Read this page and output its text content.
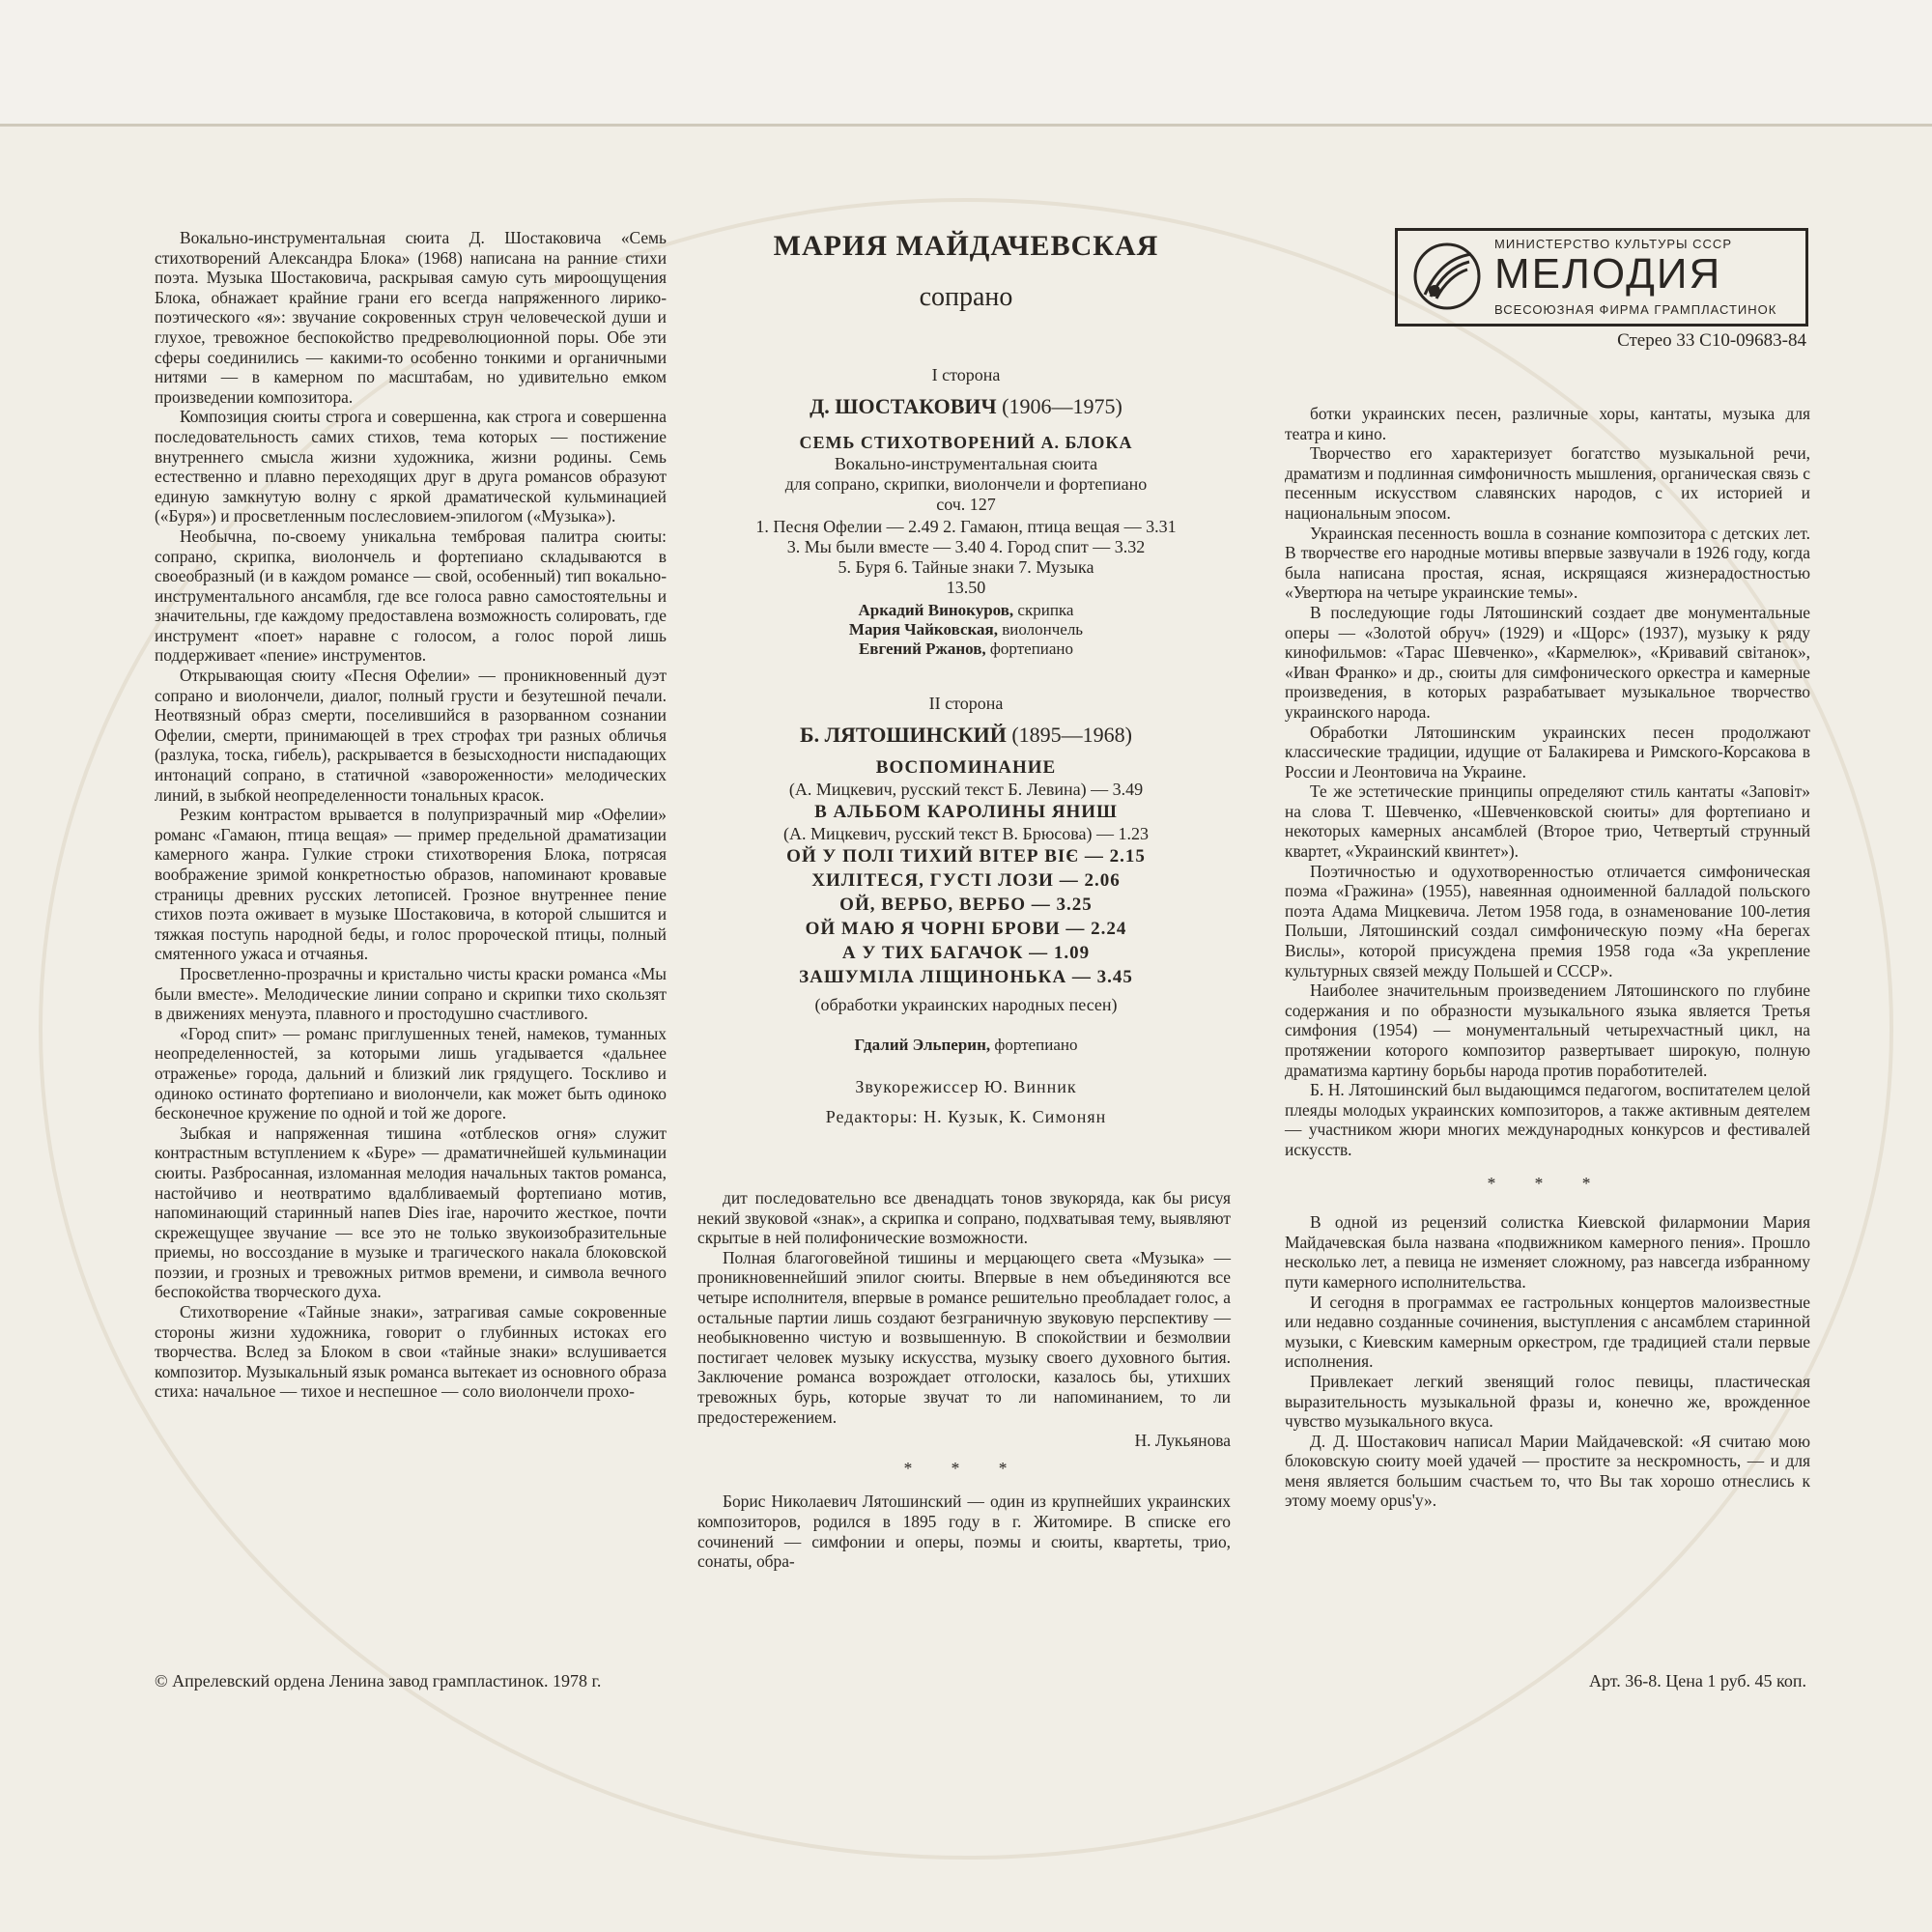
Вокально-инструментальная сюита Д. Шостаковича «Семь стихотворений Александра Блока» (1968) написана на ранние стихи поэта. Музыка Шостаковича, раскрывая самую суть мироощущения Блока, обнажает крайние грани его всегда напряженного лирико-поэтического «я»: звучание сокровенных струн человеческой души и глухое, тревожное беспокойство предреволюционной поры. Обе эти сферы соединились — какими-то особенно тонкими и органичными нитями — в камерном по масштабам, но удивительно емком произведении композитора.

Композиция сюиты строга и совершенна, как строга и совершенна последовательность самих стихов, тема которых — постижение внутреннего смысла жизни художника, жизни родины. Семь естественно и плавно переходящих друг в друга романсов образуют единую замкнутую волну с яркой драматической кульминацией («Буря») и просветленным послесловием-эпилогом («Музыка»).

Необычна, по-своему уникальна тембровая палитра сюиты: сопрано, скрипка, виолончель и фортепиано складываются в своеобразный (и в каждом романсе — свой, особенный) тип вокально-инструментального ансамбля, где все голоса равно самостоятельны и значительны, где каждому предоставлена возможность солировать, где инструмент «поет» наравне с голосом, а голос порой лишь поддерживает «пение» инструментов.

Открывающая сюиту «Песня Офелии» — проникновенный дуэт сопрано и виолончели, диалог, полный грусти и безутешной печали. Неотвязный образ смерти, поселившийся в разорванном сознании Офелии, смерти, принимающей в трех строфах три разных обличья (разлука, тоска, гибель), раскрывается в безысходности ниспадающих интонаций сопрано, в статичной «завороженности» мелодических линий, в зыбкой неопределенности тональных красок.

Резким контрастом врывается в полупризрачный мир «Офелии» романс «Гамаюн, птица вещая» — пример предельной драматизации камерного жанра. Гулкие строки стихотворения Блока, потрясая воображение зримой конкретностью образов, напоминают кровавые страницы древних русских летописей. Грозное внутреннее пение стихов поэта оживает в музыке Шостаковича, в которой слышится и тяжкая поступь народной беды, и голос пророческой птицы, полный смятенного ужаса и отчаянья.

Просветленно-прозрачны и кристально чисты краски романса «Мы были вместе». Мелодические линии сопрано и скрипки тихо скользят в движениях менуэта, плавного и простодушно счастливого.

«Город спит» — романс приглушенных теней, намеков, туманных неопределенностей, за которыми лишь угадывается «дальнее отраженье» города, дальний и близкий лик грядущего. Тоскливо и одиноко остинато фортепиано и виолончели, как может быть одиноко бесконечное кружение по одной и той же дороге.

Зыбкая и напряженная тишина «отблесков огня» служит контрастным вступлением к «Буре» — драматичнейшей кульминации сюиты. Разбросанная, изломанная мелодия начальных тактов романса, настойчиво и неотвратимо вдалбливаемый фортепиано мотив, напоминающий старинный напев Dies irae, нарочито жесткое, почти скрежещущее звучание — все это не только звукоизобразительные приемы, но воссоздание в музыке и трагического накала блоковской поэзии, и грозных и тревожных ритмов времени, и символа вечного беспокойства творческого духа.

Стихотворение «Тайные знаки», затрагивая самые сокровенные стороны жизни художника, говорит о глубинных истоках его творчества. Вслед за Блоком в свои «тайные знаки» вслушивается композитор. Музыкальный язык романса вытекает из основного образа стиха: начальное — тихое и неспешное — соло виолончели прохо-

МАРИЯ МАЙДАЧЕВСКАЯ
сопрано
I сторона
Д. ШОСТАКОВИЧ (1906—1975)
СЕМЬ СТИХОТВОРЕНИЙ А. БЛОКА
Вокально-инструментальная сюита
для сопрано, скрипки, виолончели и фортепиано
соч. 127
1. Песня Офелии — 2.49 2. Гамаюн, птица вещая — 3.31
3. Мы были вместе — 3.40 4. Город спит — 3.32
5. Буря 6. Тайные знаки 7. Музыка
13.50
Аркадий Винокуров, скрипка
Мария Чайковская, виолончель
Евгений Ржанов, фортепиано
II сторона
Б. ЛЯТОШИНСКИЙ (1895—1968)
ВОСПОМИНАНИЕ
(А. Мицкевич, русский текст Б. Левина) — 3.49
В АЛЬБОМ КАРОЛИНЫ ЯНИШ
(А. Мицкевич, русский текст В. Брюсова) — 1.23
ОЙ У ПОЛІ ТИХИЙ ВІТЕР ВІЄ — 2.15
ХИЛІТЕСЯ, ГУСТІ ЛОЗИ — 2.06
ОЙ, ВЕРБО, ВЕРБО — 3.25
ОЙ МАЮ Я ЧОРНІ БРОВИ — 2.24
А У ТИХ БАГАЧОК — 1.09
ЗАШУМІЛА ЛІЩИНОНЬКА — 3.45
(обработки украинских народных песен)
Гдалий Эльперин, фортепиано
Звукорежиссер Ю. Винник
Редакторы: Н. Кузык, К. Симонян

дит последовательно все двенадцать тонов звукоряда, как бы рисуя некий звуковой «знак», а скрипка и сопрано, подхватывая тему, выявляют скрытые в ней полифонические возможности.

Полная благоговейной тишины и мерцающего света «Музыка» — проникновеннейший эпилог сюиты. Впервые в нем объединяются все четыре исполнителя, впервые в романсе решительно преобладает голос, а остальные партии лишь создают безграничную звуковую перспективу — необыкновенно чистую и возвышенную. В спокойствии и безмолвии постигает человек музыку искусства, музыку своего духовного бытия. Заключение романса возрождает отголоски, казалось бы, утихших тревожных бурь, которые звучат то ли напоминанием, то ли предостережением.

Н. Лукьянова
* * *

Борис Николаевич Лятошинский — один из крупнейших украинских композиторов, родился в 1895 году в г. Житомире. В списке его сочинений — симфонии и оперы, поэмы и сюиты, квартеты, трио, сонаты, обра-

МИНИСТЕРСТВО КУЛЬТУРЫ СССР
МЕЛОДИЯ
ВСЕСОЮЗНАЯ ФИРМА ГРАМПЛАСТИНОК
Стерео 33 С10-09683-84

ботки украинских песен, различные хоры, кантаты, музыка для театра и кино.

Творчество его характеризует богатство музыкальной речи, драматизм и подлинная симфоничность мышления, органическая связь с песенным искусством славянских народов, с их историей и национальным эпосом.

Украинская песенность вошла в сознание композитора с детских лет. В творчестве его народные мотивы впервые зазвучали в 1926 году, когда была написана простая, ясная, искрящаяся жизнерадостностью «Увертюра на четыре украинские темы».

В последующие годы Лятошинский создает две монументальные оперы — «Золотой обруч» (1929) и «Щорс» (1937), музыку к ряду кинофильмов: «Тарас Шевченко», «Кармелюк», «Кривавий світанок», «Иван Франко» и др., сюиты для симфонического оркестра и камерные произведения, в которых разрабатывает музыкальное творчество украинского народа.

Обработки Лятошинским украинских песен продолжают классические традиции, идущие от Балакирева и Римского-Корсакова в России и Леонтовича на Украине.

Те же эстетические принципы определяют стиль кантаты «Заповіт» на слова Т. Шевченко, «Шевченковской сюиты» для фортепиано и некоторых камерных ансамблей (Второе трио, Четвертый струнный квартет, «Украинский квинтет»).

Поэтичностью и одухотворенностью отличается симфоническая поэма «Гражина» (1955), навеянная одноименной балладой польского поэта Адама Мицкевича. Летом 1958 года, в ознаменование 100-летия Польши, Лятошинский создал симфоническую поэму «На берегах Вислы», которой присуждена премия 1958 года «За укрепление культурных связей между Польшей и СССР».

Наиболее значительным произведением Лятошинского по глубине содержания и по образности музыкального языка является Третья симфония (1954) — монументальный четырехчастный цикл, на протяжении которого композитор развертывает широкую, полную драматизма картину борьбы народа против поработителей.

Б. Н. Лятошинский был выдающимся педагогом, воспитателем целой плеяды молодых украинских композиторов, а также активным деятелем — участником жюри многих международных конкурсов и фестивалей искусств.

* * *

В одной из рецензий солистка Киевской филармонии Мария Майдачевская была названа «подвижником камерного пения». Прошло несколько лет, а певица не изменяет сложному, раз навсегда избранному пути камерного исполнительства.

И сегодня в программах ее гастрольных концертов малоизвестные или недавно созданные сочинения, выступления с ансамблем старинной музыки, с Киевским камерным оркестром, где традицией стали первые исполнения.

Привлекает легкий звенящий голос певицы, пластическая выразительность музыкальной фразы и, конечно же, врожденное чувство музыкального вкуса.

Д. Д. Шостакович написал Марии Майдачевской: «Я считаю мою блоковскую сюиту моей удачей — простите за нескромность, — и для меня является большим счастьем то, что Вы так хорошо отнеслись к этому моему opus'у».

© Апрелевский ордена Ленина завод грампластинок. 1978 г.	Арт. 36-8. Цена 1 руб. 45 коп.
